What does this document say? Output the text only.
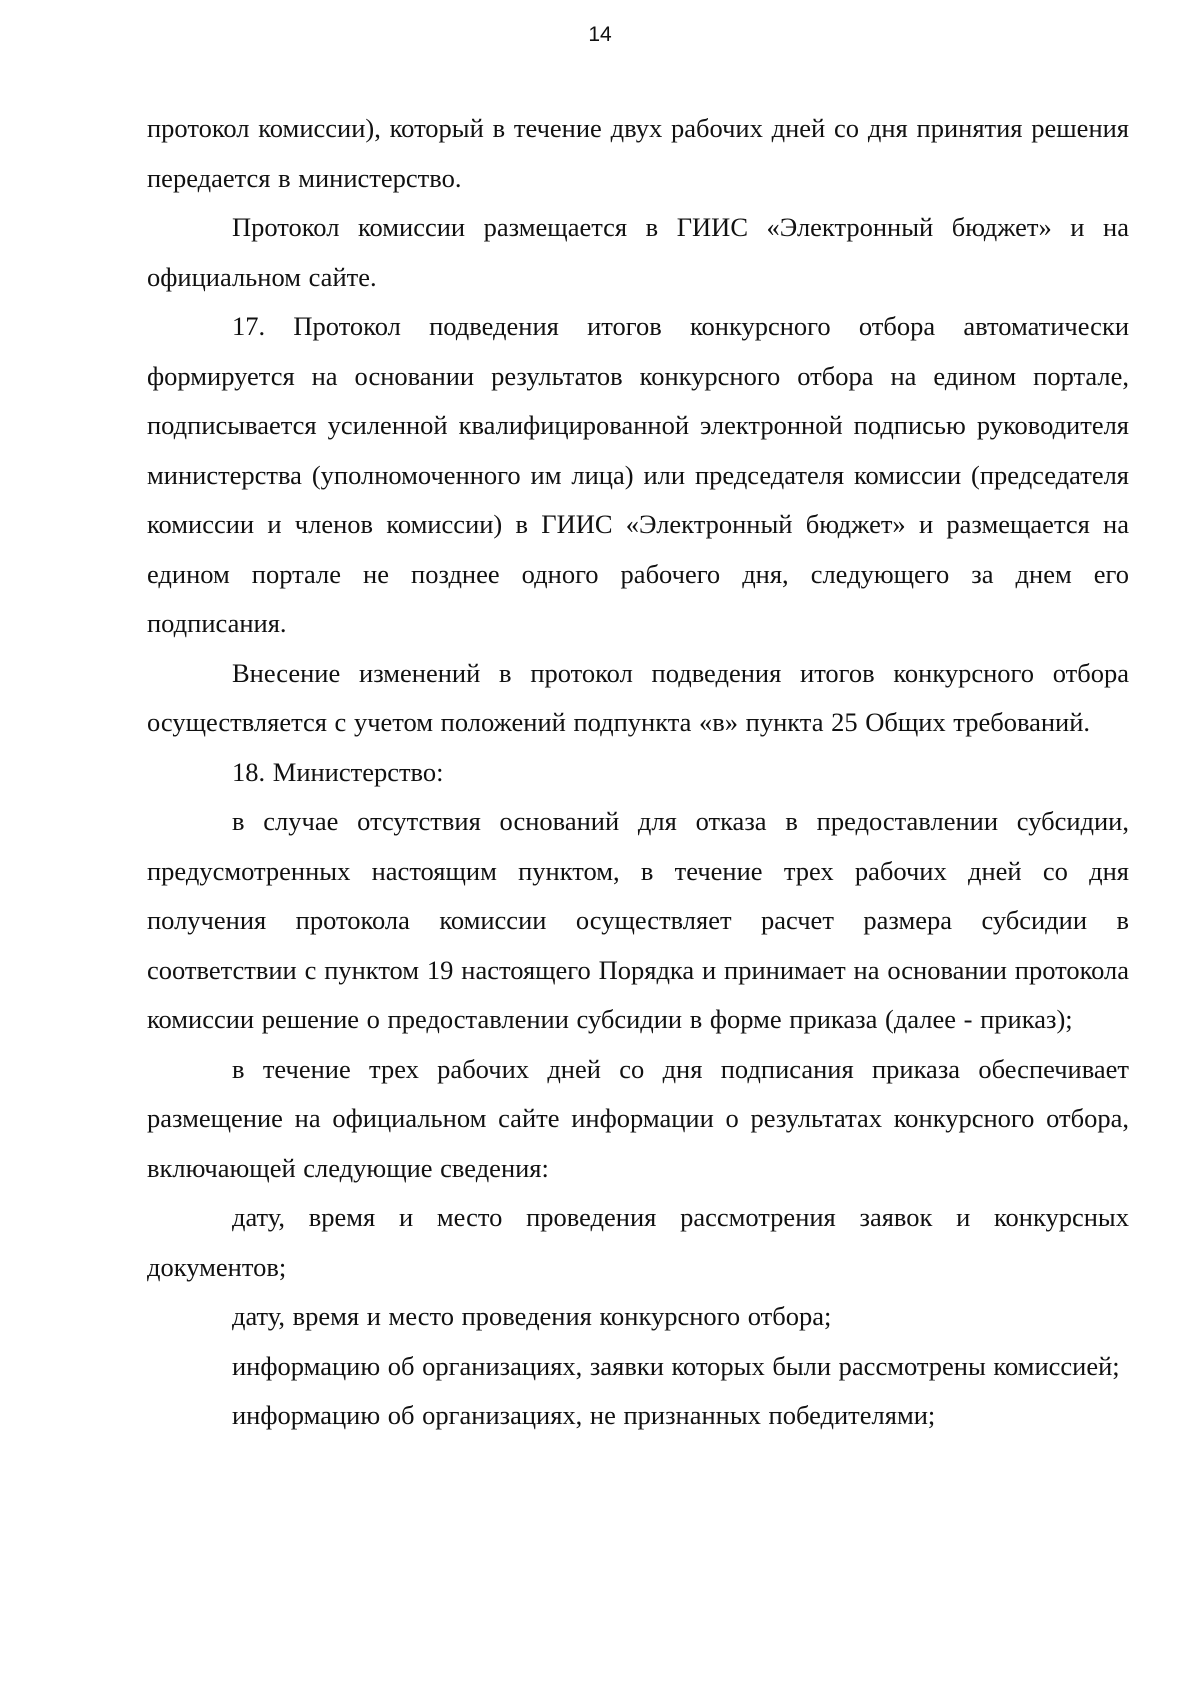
14

протокол комиссии), который в течение двух рабочих дней со дня принятия решения передается в министерство.

Протокол комиссии размещается в ГИИС «Электронный бюджет» и на официальном сайте.

17. Протокол подведения итогов конкурсного отбора автоматически формируется на основании результатов конкурсного отбора на едином портале, подписывается усиленной квалифицированной электронной подписью руководителя министерства (уполномоченного им лица) или председателя комиссии (председателя комиссии и членов комиссии) в ГИИС «Электронный бюджет» и размещается на едином портале не позднее одного рабочего дня, следующего за днем его подписания.

Внесение изменений в протокол подведения итогов конкурсного отбора осуществляется с учетом положений подпункта «в» пункта 25 Общих требований.

18. Министерство:

в случае отсутствия оснований для отказа в предоставлении субсидии, предусмотренных настоящим пунктом, в течение трех рабочих дней со дня получения протокола комиссии осуществляет расчет размера субсидии в соответствии с пунктом 19 настоящего Порядка и принимает на основании протокола комиссии решение о предоставлении субсидии в форме приказа (далее - приказ);

в течение трех рабочих дней со дня подписания приказа обеспечивает размещение на официальном сайте информации о результатах конкурсного отбора, включающей следующие сведения:

дату, время и место проведения рассмотрения заявок и конкурсных документов;

дату, время и место проведения конкурсного отбора;

информацию об организациях, заявки которых были рассмотрены комиссией;

информацию об организациях, не признанных победителями;
